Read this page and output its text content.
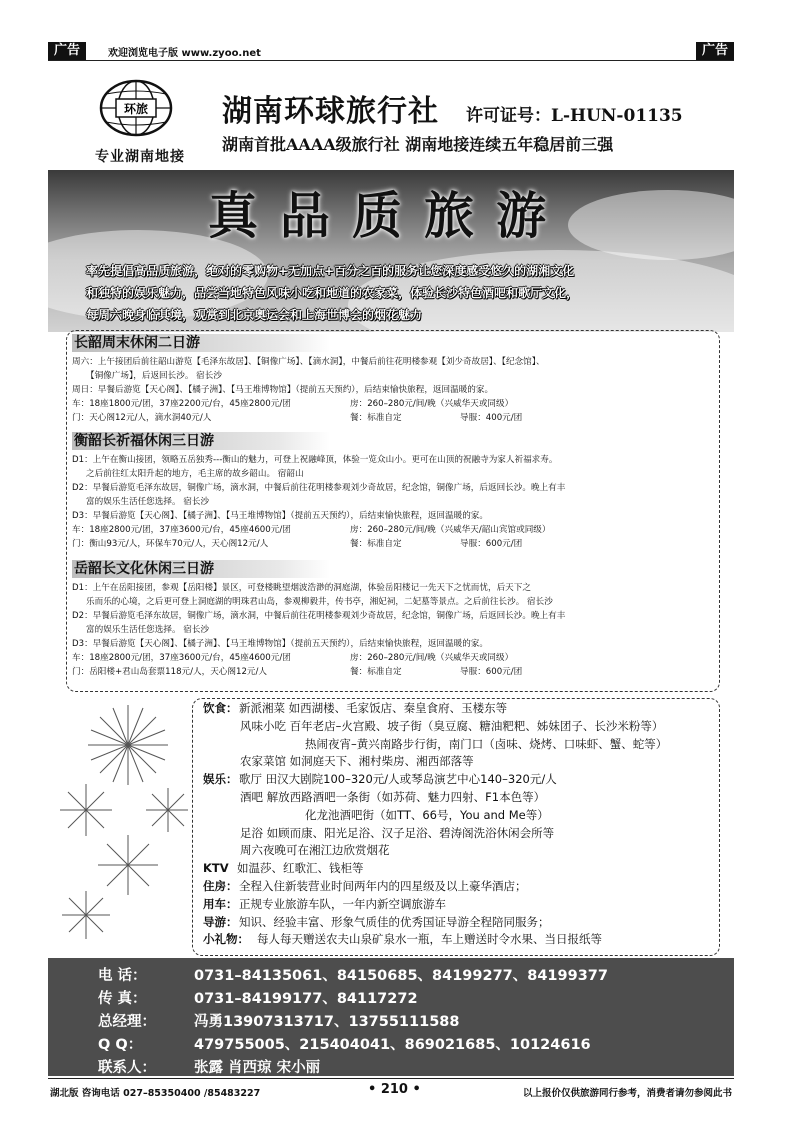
广告	欢迎浏览电子版 www.zyoo.net	广告
环旅
专业湖南地接
湖南环球旅行社 许可证号：L-HUN-01135
湖南首批AAAA级旅行社 湖南地接连续五年稳居前三强
真品质旅游
率先提倡高品质旅游，绝对的零购物+无加点+百分之百的服务让您深度感受悠久的湖湘文化
和独特的娱乐魅力，品尝当地特色风味小吃和地道的农家菜，体验长沙特色酒吧和歌厅文化，
每周六晚身临其境，观赏到北京奥运会和上海世博会的烟花魅力
长韶周末休闲二日游
周六：上午接团后前往韶山游览【毛泽东故居】、【铜像广场】、【滴水洞】，中餐后前往花明楼参观【刘少奇故居】、【纪念馆】、
【铜像广场】，后返回长沙。 宿长沙
周日：早餐后游览【天心阁】、【橘子洲】、【马王堆博物馆】（提前五天预约），后结束愉快旅程，返回温暖的家。
车：18座1800元/团，37座2200元/台，45座2800元/团	房：260–280元/间/晚（兴威华天或同级）
门：天心阁12元/人，滴水洞40元/人	餐：标准自定	导服：400元/团
衡韶长祈福休闲三日游
D1：上午在衡山接团，领略五岳独秀---衡山的魅力，可登上祝融峰顶，体验一览众山小。更可在山顶的祝融寺为家人祈福求寿。
之后前往红太阳升起的地方，毛主席的故乡韶山。 宿韶山
D2：早餐后游览毛泽东故居，铜像广场，滴水洞，中餐后前往花明楼参观刘少奇故居，纪念馆，铜像广场，后返回长沙。晚上有丰
富的娱乐生活任您选择。 宿长沙
D3：早餐后游览【天心阁】、【橘子洲】、【马王堆博物馆】（提前五天预约），后结束愉快旅程，返回温暖的家。
车：18座2800元/团，37座3600元/台，45座4600元/团	房：260–280元/间/晚（兴威华天/韶山宾馆或同级）
门：衡山93元/人，环保车70元/人，天心阁12元/人	餐：标准自定	导服：600元/团
岳韶长文化休闲三日游
D1：上午在岳阳接团，参观【岳阳楼】景区，可登楼眺望烟波浩渺的洞庭湖，体验岳阳楼记一先天下之忧而忧，后天下之
乐而乐的心境，之后更可登上洞庭湖的明珠君山岛，参观柳毅井，传书亭，湘妃祠，二妃墓等景点。之后前往长沙。 宿长沙
D2：早餐后游览毛泽东故居，铜像广场，滴水洞，中餐后前往花明楼参观刘少奇故居，纪念馆，铜像广场，后返回长沙。晚上有丰
富的娱乐生活任您选择。 宿长沙
D3：早餐后游览【天心阁】、【橘子洲】、【马王堆博物馆】（提前五天预约），后结束愉快旅程，返回温暖的家。
车：18座2800元/团，37座3600元/台，45座4600元/团	房：260–280元/间/晚（兴威华天或同级）
门：岳阳楼+君山岛套票118元/人，天心阁12元/人	餐：标准自定	导服：600元/团
饮食： 新派湘菜 如西湖楼、毛家饭店、秦皇食府、玉楼东等
风味小吃 百年老店–火宫殿、坡子街（臭豆腐、糖油粑粑、姊妹团子、长沙米粉等）
热闹夜宵–黄兴南路步行街，南门口（卤味、烧烤、口味虾、蟹、蛇等）
农家菜馆 如洞庭天下、湘村柴房、湘西部落等
娱乐： 歌厅 田汉大剧院100–320元/人或琴岛演艺中心140–320元/人
酒吧 解放西路酒吧一条街（如苏荷、魅力四射、F1本色等）
化龙池酒吧街（如TT、66号，You and Me等）
足浴 如顾而康、阳光足浴、汉子足浴、碧涛阁洗浴休闲会所等
周六夜晚可在湘江边欣赏烟花
KTV 如温莎、红歌汇、钱柜等
住房： 全程入住新装营业时间两年内的四星级及以上豪华酒店；
用车： 正规专业旅游车队，一年内新空调旅游车
导游： 知识、经验丰富、形象气质佳的优秀国证导游全程陪同服务；
小礼物： 每人每天赠送农夫山泉矿泉水一瓶，车上赠送时令水果、当日报纸等
电 话：	0731–84135061、84150685、84199277、84199377
传 真：	0731–84199177、84117272
总经理：	冯勇13907313717、13755111588
Q Q：	479755005、215404041、869021685、10124616
联系人：	张露 肖西琼 宋小丽
湖北版 咨询电话 027–85350400 /85483227	• 210 •	以上报价仅供旅游同行参考，消费者请勿参阅此书
